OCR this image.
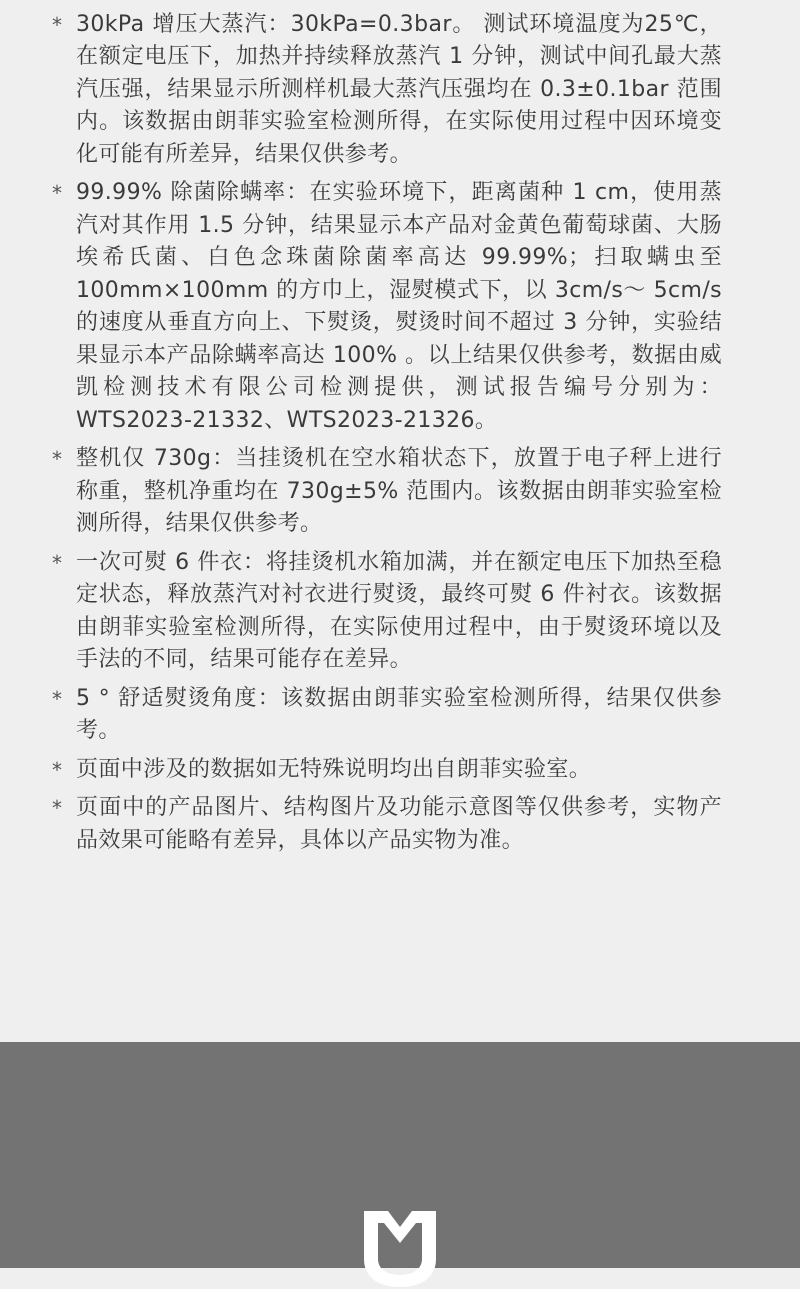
* 30kPa 增压大蒸汽：30kPa=0.3bar。 测试环境温度为25℃，在额定电压下，加热并持续释放蒸汽 1 分钟，测试中间孔最大蒸汽压强，结果显示所测样机最大蒸汽压强均在 0.3±0.1bar 范围内。该数据由朗菲实验室检测所得，在实际使用过程中因环境变化可能有所差异，结果仅供参考。
* 99.99% 除菌除螨率：在实验环境下，距离菌种 1 cm，使用蒸汽对其作用 1.5 分钟，结果显示本产品对金黄色葡萄球菌、大肠埃希氏菌、白色念珠菌除菌率高达 99.99%；扫取螨虫至 100mm×100mm 的方巾上，湿熨模式下，以 3cm/s～ 5cm/s 的速度从垂直方向上、下熨烫，熨烫时间不超过 3 分钟，实验结果显示本产品除螨率高达 100% 。以上结果仅供参考，数据由威凯检测技术有限公司检测提供，测试报告编号分别为：WTS2023-21332、WTS2023-21326。
* 整机仅 730g：当挂烫机在空水箱状态下，放置于电子秤上进行称重，整机净重均在 730g±5% 范围内。该数据由朗菲实验室检测所得，结果仅供参考。
* 一次可熨 6 件衣：将挂烫机水箱加满，并在额定电压下加热至稳定状态，释放蒸汽对衬衣进行熨烫，最终可熨 6 件衬衣。该数据由朗菲实验室检测所得，在实际使用过程中，由于熨烫环境以及手法的不同，结果可能存在差异。
* 5 ° 舒适熨烫角度：该数据由朗菲实验室检测所得，结果仅供参考。
* 页面中涉及的数据如无特殊说明均出自朗菲实验室。
* 页面中的产品图片、结构图片及功能示意图等仅供参考，实物产品效果可能略有差异，具体以产品实物为准。
